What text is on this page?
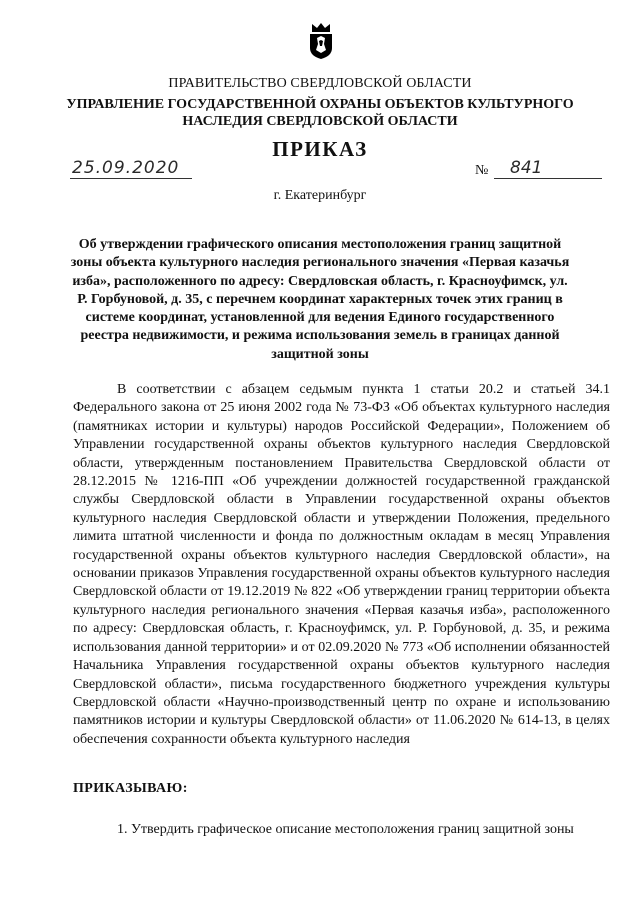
ПРАВИТЕЛЬСТВО СВЕРДЛОВСКОЙ ОБЛАСТИ
УПРАВЛЕНИЕ ГОСУДАРСТВЕННОЙ ОХРАНЫ ОБЪЕКТОВ КУЛЬТУРНОГО НАСЛЕДИЯ СВЕРДЛОВСКОЙ ОБЛАСТИ
ПРИКАЗ
25.09.2020	№	841
г. Екатеринбург
Об утверждении графического описания местоположения границ защитной зоны объекта культурного наследия регионального значения «Первая казачья изба», расположенного по адресу: Свердловская область, г. Красноуфимск, ул. Р. Горбуновой, д. 35, с перечнем координат характерных точек этих границ в системе координат, установленной для ведения Единого государственного реестра недвижимости, и режима использования земель в границах данной защитной зоны
В соответствии с абзацем седьмым пункта 1 статьи 20.2 и статьей 34.1 Федерального закона от 25 июня 2002 года № 73-ФЗ «Об объектах культурного наследия (памятниках истории и культуры) народов Российской Федерации», Положением об Управлении государственной охраны объектов культурного наследия Свердловской области, утвержденным постановлением Правительства Свердловской области от 28.12.2015 № 1216-ПП «Об учреждении должностей государственной гражданской службы Свердловской области в Управлении государственной охраны объектов культурного наследия Свердловской области и утверждении Положения, предельного лимита штатной численности и фонда по должностным окладам в месяц Управления государственной охраны объектов культурного наследия Свердловской области», на основании приказов Управления государственной охраны объектов культурного наследия Свердловской области от 19.12.2019 № 822 «Об утверждении границ территории объекта культурного наследия регионального значения «Первая казачья изба», расположенного по адресу: Свердловская область, г. Красноуфимск, ул. Р. Горбуновой, д. 35, и режима использования данной территории» и от 02.09.2020 № 773 «Об исполнении обязанностей Начальника Управления государственной охраны объектов культурного наследия Свердловской области», письма государственного бюджетного учреждения культуры Свердловской области «Научно-производственный центр по охране и использованию памятников истории и культуры Свердловской области» от 11.06.2020 № 614-13, в целях обеспечения сохранности объекта культурного наследия
ПРИКАЗЫВАЮ:
1. Утвердить графическое описание местоположения границ защитной зоны
